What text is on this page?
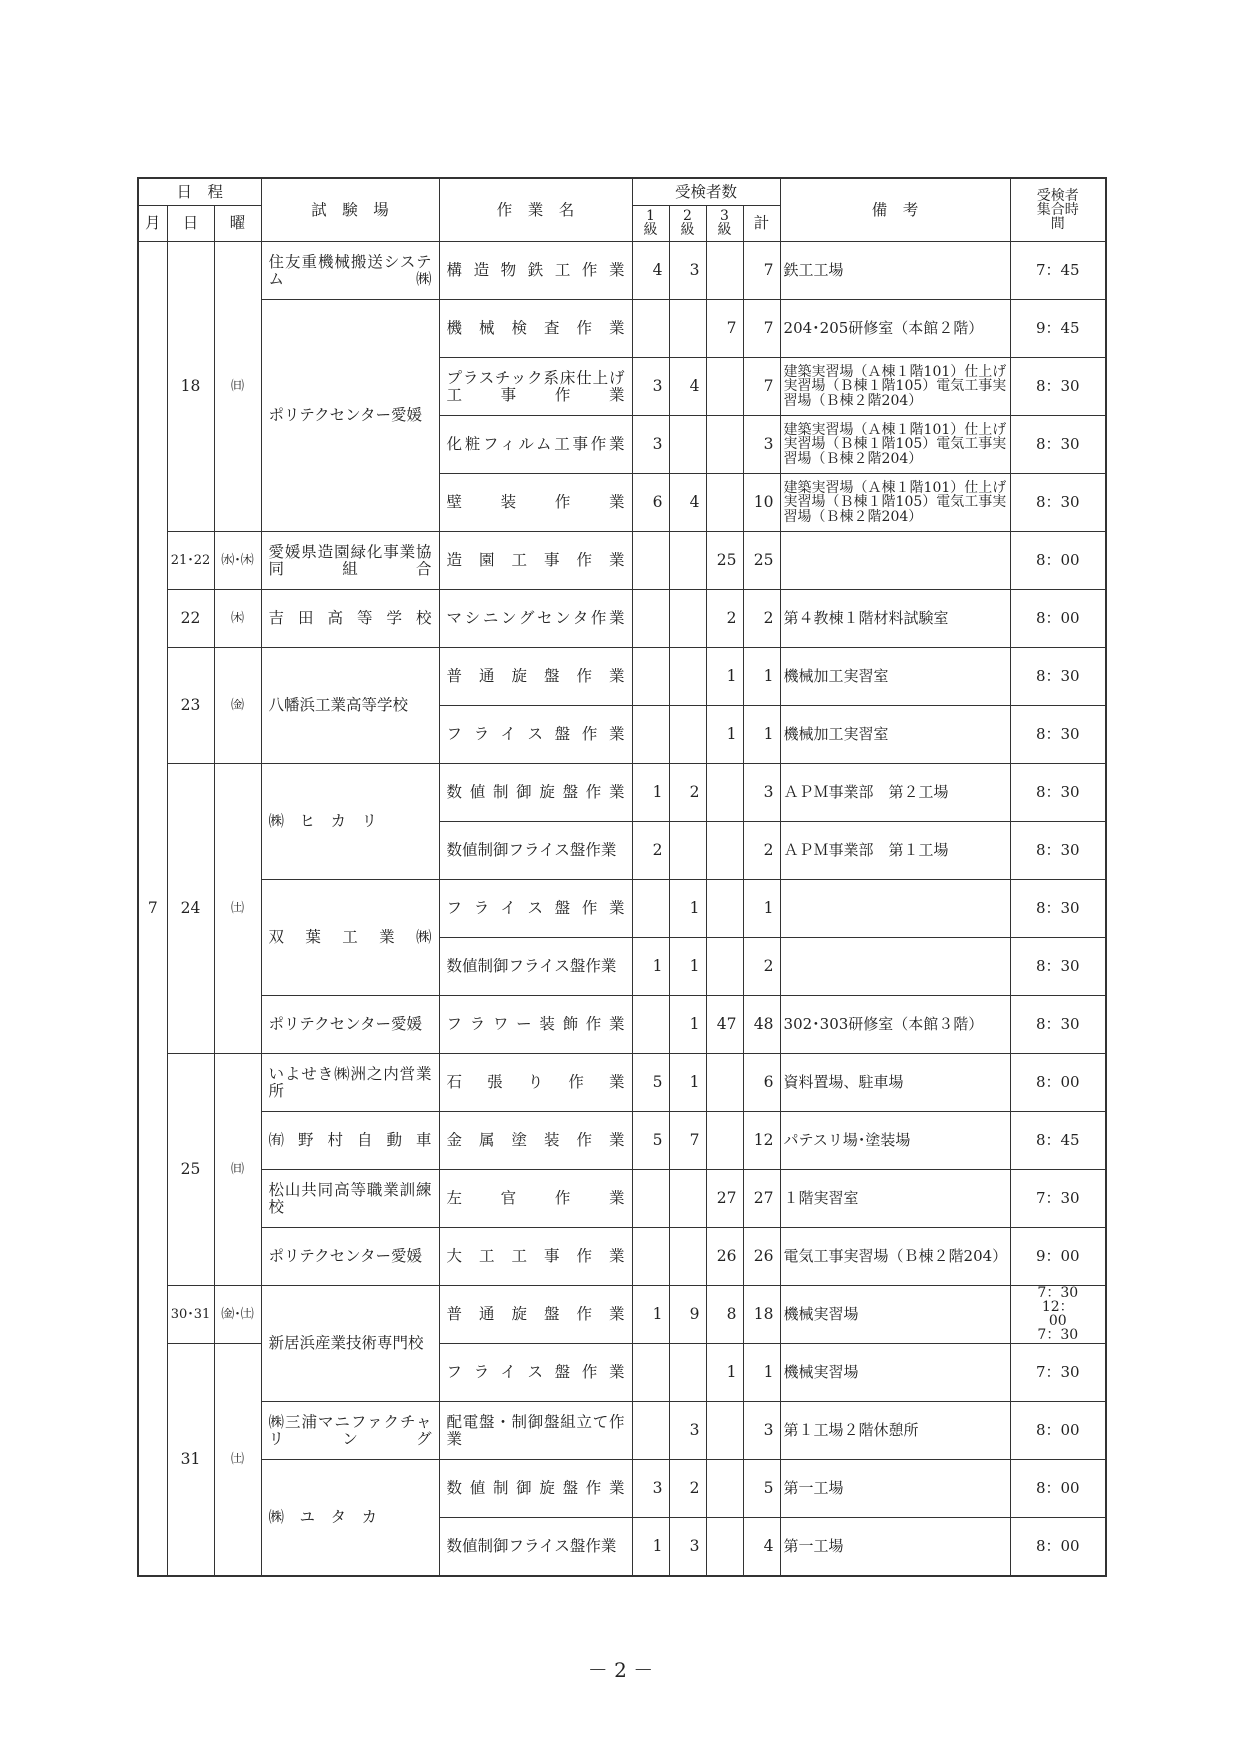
日　程			試　験　場	作　業　名	受検者数				備　考	受検者集合時間
月	日	曜			1級	2級	3級	計		
7	18	㈰	住友重機械搬送システム㈱	構造物鉄工作業	4	3		7	鉄工工場	7：45
			ポリテクセンター愛媛	機械検査作業			7	7	204･205研修室（本館２階）	9：45
				プラスチック系床仕上げ工事作業	3	4		7	建築実習場（Ａ棟１階101）仕上げ実習場（Ｂ棟１階105）電気工事実習場（Ｂ棟２階204）	8：30
				化粧フィルム工事作業	3			3	建築実習場（Ａ棟１階101）仕上げ実習場（Ｂ棟１階105）電気工事実習場（Ｂ棟２階204）	8：30
				壁装作業	6	4		10	建築実習場（Ａ棟１階101）仕上げ実習場（Ｂ棟１階105）電気工事実習場（Ｂ棟２階204）	8：30
	21･22	㈬･㈭	愛媛県造園緑化事業協同組合	造園工事作業			25	25		8：00
	22	㈭	吉田高等学校	マシニングセンタ作業			2	2	第４教棟１階材料試験室	8：00
	23	㈮	八幡浜工業高等学校	普通旋盤作業			1	1	機械加工実習室	8：30
				フライス盤作業			1	1	機械加工実習室	8：30
	24	㈯	㈱　ヒ　カ　リ	数値制御旋盤作業	1	2		3	ＡＰＭ事業部　第２工場	8：30
				数値制御フライス盤作業	2			2	ＡＰＭ事業部　第１工場	8：30
			双葉工業㈱	フライス盤作業		1		1		8：30
				数値制御フライス盤作業	1	1		2		8：30
			ポリテクセンター愛媛	フラワー装飾作業		1	47	48	302･303研修室（本館３階）	8：30
	25	㈰	いよせき㈱洲之内営業所	石張り作業	5	1		6	資料置場、駐車場	8：00
			㈲野村自動車	金属塗装作業	5	7		12	パテスリ場･塗装場	8：45
			松山共同高等職業訓練校	左官作業			27	27	１階実習室	7：30
			ポリテクセンター愛媛	大工工事作業			26	26	電気工事実習場（Ｂ棟２階204）	9：00
	30･31	㈮･㈯	新居浜産業技術専門校	普通旋盤作業	1	9	8	18	機械実習場	7：30 12：00 7：30
	31	㈯		フライス盤作業			1	1	機械実習場	7：30
			㈱三浦マニファクチャリング	配電盤・制御盤組立て作業		3		3	第１工場２階休憩所	8：00
			㈱　ユ　タ　カ	数値制御旋盤作業	3	2		5	第一工場	8：00
				数値制御フライス盤作業	1	3		4	第一工場	8：00
－ 2 －
